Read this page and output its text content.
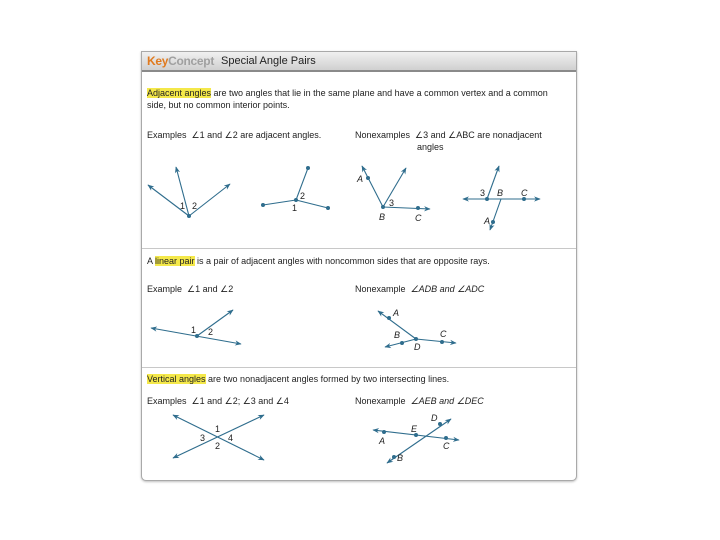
Key Concept Special Angle Pairs
Adjacent angles are two angles that lie in the same plane and have a common vertex and a common
side, but no common interior points.
Examples ∠1 and ∠2 are adjacent angles.	Nonexamples ∠3 and ∠ABC are nonadjacent
angles
A linear pair is a pair of adjacent angles with noncommon sides that are opposite rays.
Example ∠1 and ∠2	Nonexample ∠ADB and ∠ADC
Vertical angles are two nonadjacent angles formed by two intersecting lines.
Examples ∠1 and ∠2; ∠3 and ∠4	Nonexample ∠AEB and ∠DEC
1 2
2
1
A
3
B	C
3 B C
A
1 2
A
B	C
D
1
2
3	4
D
E
A	C
B
